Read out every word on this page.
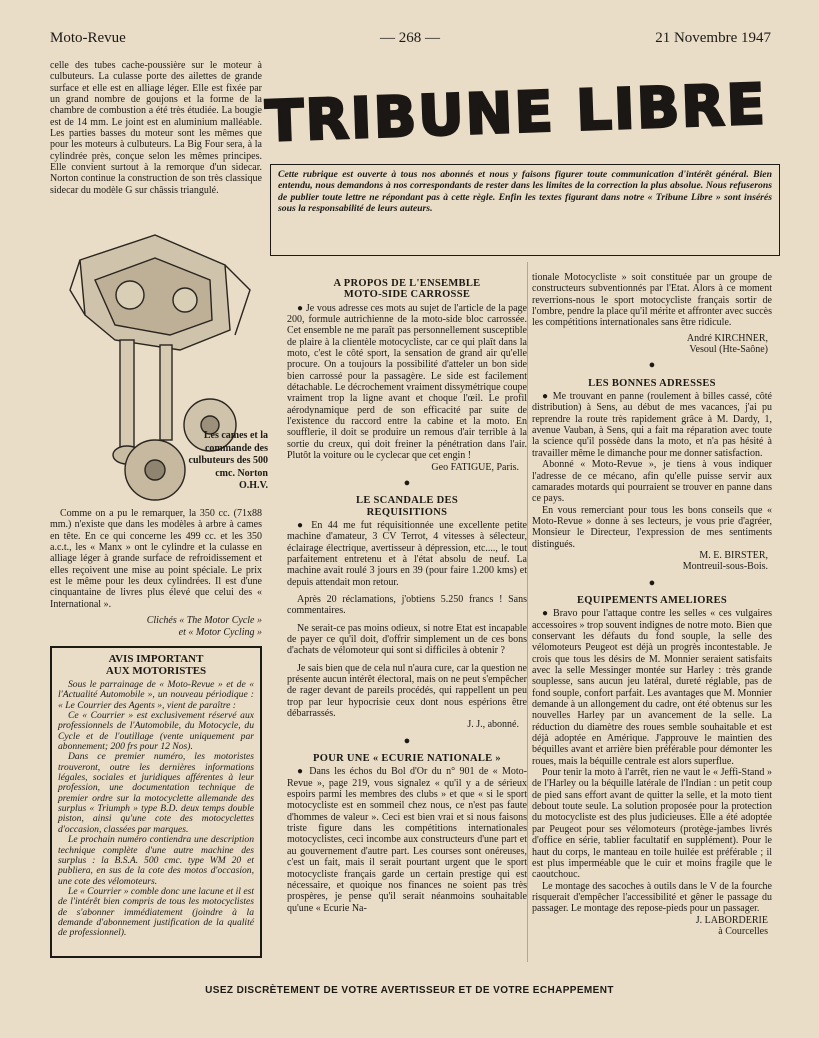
Moto-Revue	— 268 —	21 Novembre 1947

celle des tubes cache-poussière sur le moteur à culbuteurs. La culasse porte des ailettes de grande surface et elle est en alliage léger. Elle est fixée par un grand nombre de goujons et la forme de la chambre de combustion a été très étudiée. La bougie est de 14 mm. Le joint est en aluminium malléable. Les parties basses du moteur sont les mêmes que pour les moteurs à culbuteurs. La Big Four sera, à la cylindrée près, conçue selon les mêmes principes. Elle convient surtout à la remorque d'un sidecar. Norton continue la construction de son très classique sidecar du modèle G sur châssis triangulé.

Les cames et la commande des culbuteurs des 500 cmc. Norton O.H.V.

Comme on a pu le remarquer, la 350 cc. (71x88 mm.) n'existe que dans les modèles à arbre à cames en tête. En ce qui concerne les 499 cc. et les 350 a.c.t., les « Manx » ont le cylindre et la culasse en alliage léger à grande surface de refroidissement et elles reçoivent une mise au point spéciale. Le prix est le même pour les deux cylindrées. Il est d'une cinquantaine de livres plus élevé que celui des « International ».

Clichés « The Motor Cycle »
et « Motor Cycling »
AVIS IMPORTANT
AUX MOTORISTES

Sous le parrainage de « Moto-Revue » et de « l'Actualité Automobile », un nouveau périodique : « Le Courrier des Agents », vient de paraître :

Ce « Courrier » est exclusivement réservé aux professionnels de l'Automobile, du Motocycle, du Cycle et de l'outillage (vente uniquement par abonnement; 200 frs pour 12 Nos).

Dans ce premier numéro, les motoristes trouveront, outre les dernières informations légales, sociales et juridiques afférentes à leur profession, une documentation technique de premier ordre sur la motocyclette allemande des surplus « Triumph » type B.D. deux temps double piston, ainsi qu'une cote des motocyclettes d'occasion, classées par marques.

Le prochain numéro contiendra une description technique complète d'une autre machine des surplus : la B.S.A. 500 cmc. type WM 20 et publiera, en sus de la cote des motos d'occasion, une cote des vélomoteurs.

Le « Courrier » comble donc une lacune et il est de l'intérêt bien compris de tous les motocyclistes de s'abonner immédiatement (joindre à la demande d'abonnement justification de la qualité de professionnel).

TRIBUNE LIBRE
Cette rubrique est ouverte à tous nos abonnés et nous y faisons figurer toute communication d'intérêt général. Bien entendu, nous demandons à nos correspondants de rester dans les limites de la correction la plus absolue. Nous refuserons de publier toute lettre ne répondant pas à cette règle. Enfin les textes figurant dans notre « Tribune Libre » sont insérés sous la responsabilité de leurs auteurs.
A PROPOS DE L'ENSEMBLE
MOTO-SIDE CARROSSE

● Je vous adresse ces mots au sujet de l'article de la page 200, formule autrichienne de la moto-side bloc carrossée. Cet ensemble ne me paraît pas personnellement susceptible de plaire à la clientèle motocycliste, car ce qui plaît dans la moto, c'est le côté sport, la sensation de grand air qu'elle procure. On a toujours la possibilité d'atteler un bon side bien carrossé pour la passagère. Le side est facilement détachable. Le décrochement vraiment dissymétrique coupe vraiment trop la ligne avant et choque l'œil. Le profil aérodynamique perd de son efficacité par suite de l'existence du raccord entre la cabine et la moto. En soufflerie, il doit se produire un remous d'air terrible à la sortie du creux, qui doit freiner la pénétration dans l'air. Plutôt la voiture ou le cyclecar que cet engin !

Geo FATIGUE, Paris.

●
LE SCANDALE DES
REQUISITIONS

● En 44 me fut réquisitionnée une excellente petite machine d'amateur, 3 CV Terrot, 4 vitesses à sélecteur, éclairage électrique, avertisseur à dépression, etc...., le tout parfaitement entretenu et à l'état absolu de neuf. La machine avait roulé 3 jours en 39 (pour faire 1.200 kms) et depuis attendait mon retour.

Après 20 réclamations, j'obtiens 5.250 francs ! Sans commentaires.

Ne serait-ce pas moins odieux, si notre Etat est incapable de payer ce qu'il doit, d'offrir simplement un de ces bons d'achats de vélomoteur qui sont si difficiles à obtenir ?

Je sais bien que de cela nul n'aura cure, car la question ne présente aucun intérêt électoral, mais on ne peut s'empêcher de rager devant de pareils procédés, qui rappellent un peu trop par leur hypocrisie ceux dont nous espérions être débarrassés.

J. J., abonné.

●
POUR UNE « ECURIE NATIONALE »

● Dans les échos du Bol d'Or du n° 901 de « Moto-Revue », page 219, vous signalez « qu'il y a de sérieux espoirs parmi les membres des clubs » et que « si le sport motocycliste est en sommeil chez nous, ce n'est pas faute d'hommes de valeur ». Ceci est bien vrai et si nous faisons triste figure dans les compétitions internationales motocyclistes, ceci incombe aux constructeurs d'une part et au gouvernement d'autre part. Les courses sont onéreuses, c'est un fait, mais il serait pourtant urgent que le sport motocycliste français garde un certain prestige qui est nécessaire, et quoique nos finances ne soient pas très prospères, je pense qu'il serait néanmoins souhaitable qu'une « Ecurie Na-

tionale Motocycliste » soit constituée par un groupe de constructeurs subventionnés par l'Etat. Alors à ce moment reverrions-nous le sport motocycliste français sortir de l'ombre, pendre la place qu'il mérite et affronter avec succès les compétitions internationales sans être ridicule.

André KIRCHNER,

Vesoul (Hte-Saône)

●
LES BONNES ADRESSES

● Me trouvant en panne (roulement à billes cassé, côté distribution) à Sens, au début de mes vacances, j'ai pu reprendre la route très rapidement grâce à M. Dardy, 1, avenue Vauban, à Sens, qui a fait ma réparation avec toute la science qu'il possède dans la moto, et n'a pas hésité à travailler même le dimanche pour me donner satisfaction.

Abonné « Moto-Revue », je tiens à vous indiquer l'adresse de ce mécano, afin qu'elle puisse servir aux camarades motards qui pourraient se trouver en panne dans ce pays.

En vous remerciant pour tous les bons conseils que « Moto-Revue » donne à ses lecteurs, je vous prie d'agréer, Monsieur le Directeur, l'expression de mes sentiments distingués.

M. E. BIRSTER,

Montreuil-sous-Bois.

●
EQUIPEMENTS AMELIORES

● Bravo pour l'attaque contre les selles « ces vulgaires accessoires » trop souvent indignes de notre moto. Bien que conservant les défauts du fond souple, la selle des vélomoteurs Peugeot est déjà un progrès incontestable. Je crois que tous les désirs de M. Monnier seraient satisfaits avec la selle Messinger montée sur Harley : très grande souplesse, sans aucun jeu latéral, dureté réglable, pas de fond souple, confort parfait. Les avantages que M. Monnier demande à un allongement du cadre, ont été obtenus sur les nouvelles Harley par un avancement de la selle. La réduction du diamètre des roues semble souhaitable et est déjà adoptée en Amérique. J'approuve le maintien des béquilles avant et arrière bien préférable pour démonter les roues, mais la béquille centrale est alors superflue.

Pour tenir la moto à l'arrêt, rien ne vaut le « Jeffi-Stand » de l'Harley ou la béquille latérale de l'Indian : un petit coup de pied sans effort avant de quitter la selle, et la moto tient debout toute seule. La solution proposée pour la protection du motocycliste est des plus judicieuses. Elle a été adoptée par Peugeot pour ses vélomoteurs (protège-jambes livrés d'office en série, tablier facultatif en supplément). Pour le haut du corps, le manteau en toile huilée est préférable ; il est plus imperméable que le cuir et moins fragile que le caoutchouc.

Le montage des sacoches à outils dans le V de la fourche risquerait d'empêcher l'accessibilité et gêner le passage du passager. Le montage des repose-pieds pour un passager.

J. LABORDERIE

à Courcelles

USEZ DISCRÈTEMENT DE VOTRE AVERTISSEUR ET DE VOTRE ECHAPPEMENT
